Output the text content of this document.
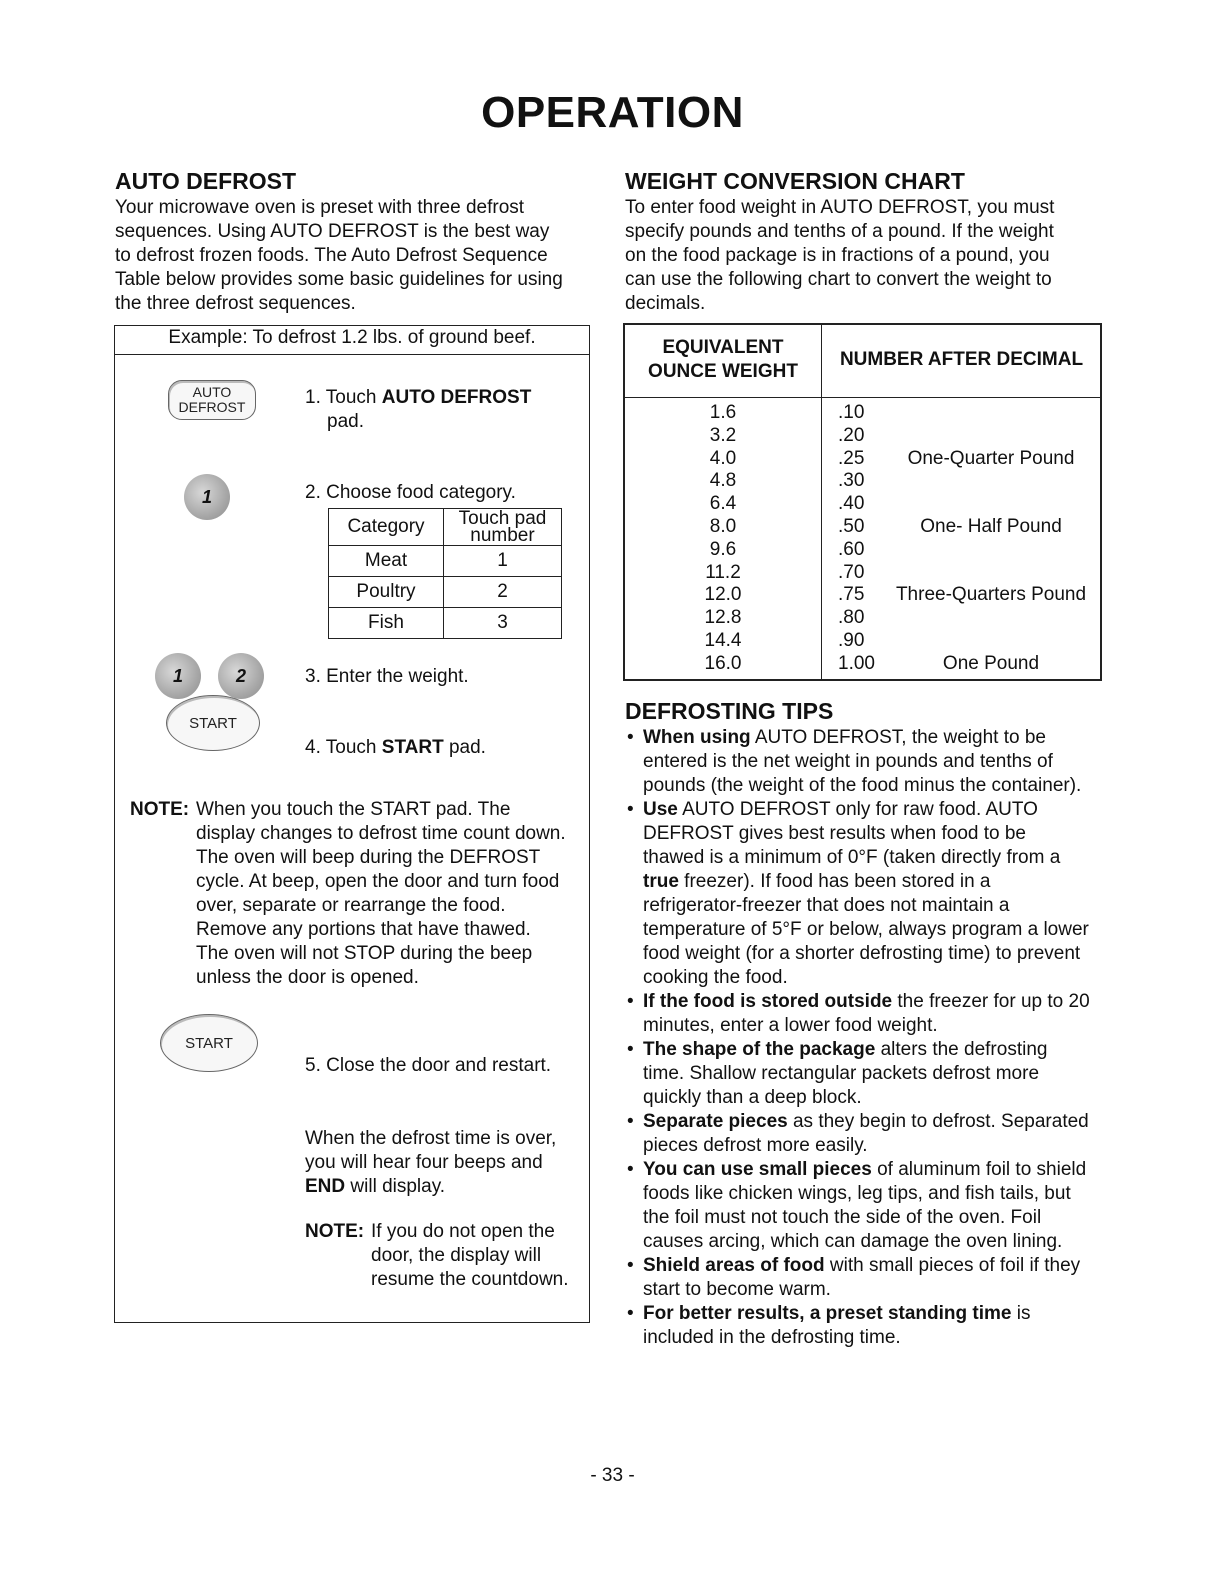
OPERATION
AUTO DEFROST
Your microwave oven is preset with three defrost
sequences. Using AUTO DEFROST is the best way
to defrost frozen foods. The Auto Defrost Sequence
Table below provides some basic guidelines for using
the three defrost sequences.
Example: To defrost 1.2 lbs. of ground beef.
AUTO
DEFROST	1. Touch AUTO DEFROST
pad.
1	2. Choose food category.
Category	Touch pad number
Meat	1
Poultry	2
Fish	3
1	2	3. Enter the weight.
START
4. Touch START pad.
NOTE: When you touch the START pad. The
display changes to defrost time count down.
The oven will beep during the DEFROST
cycle. At beep, open the door and turn food
over, separate or rearrange the food.
Remove any portions that have thawed.
The oven will not STOP during the beep
unless the door is opened.
START
5. Close the door and restart.
When the defrost time is over,
you will hear four beeps and
END will display.
NOTE: If you do not open the
door, the display will
resume the countdown.
WEIGHT CONVERSION CHART
To enter food weight in AUTO DEFROST, you must
specify pounds and tenths of a pound. If the weight
on the food package is in fractions of a pound, you
can use the following chart to convert the weight to
decimals.
EQUIVALENT
OUNCE WEIGHT
NUMBER AFTER DECIMAL
1.6	.10
3.2	.20
4.0	.25	One-Quarter Pound
4.8	.30
6.4	.40
8.0	.50	One- Half Pound
9.6	.60
11.2	.70
12.0	.75	Three-Quarters Pound
12.8	.80
14.4	.90
16.0	1.00	One Pound
DEFROSTING TIPS
• When using AUTO DEFROST, the weight to be entered is the net weight in pounds and tenths of pounds (the weight of the food minus the container).
• Use AUTO DEFROST only for raw food. AUTO DEFROST gives best results when food to be thawed is a minimum of 0°F (taken directly from a true freezer). If food has been stored in a refrigerator-freezer that does not maintain a temperature of 5°F or below, always program a lower food weight (for a shorter defrosting time) to prevent cooking the food.
• If the food is stored outside the freezer for up to 20 minutes, enter a lower food weight.
• The shape of the package alters the defrosting time. Shallow rectangular packets defrost more quickly than a deep block.
• Separate pieces as they begin to defrost. Separated pieces defrost more easily.
• You can use small pieces of aluminum foil to shield foods like chicken wings, leg tips, and fish tails, but the foil must not touch the side of the oven. Foil causes arcing, which can damage the oven lining.
• Shield areas of food with small pieces of foil if they start to become warm.
• For better results, a preset standing time is included in the defrosting time.
- 33 -
